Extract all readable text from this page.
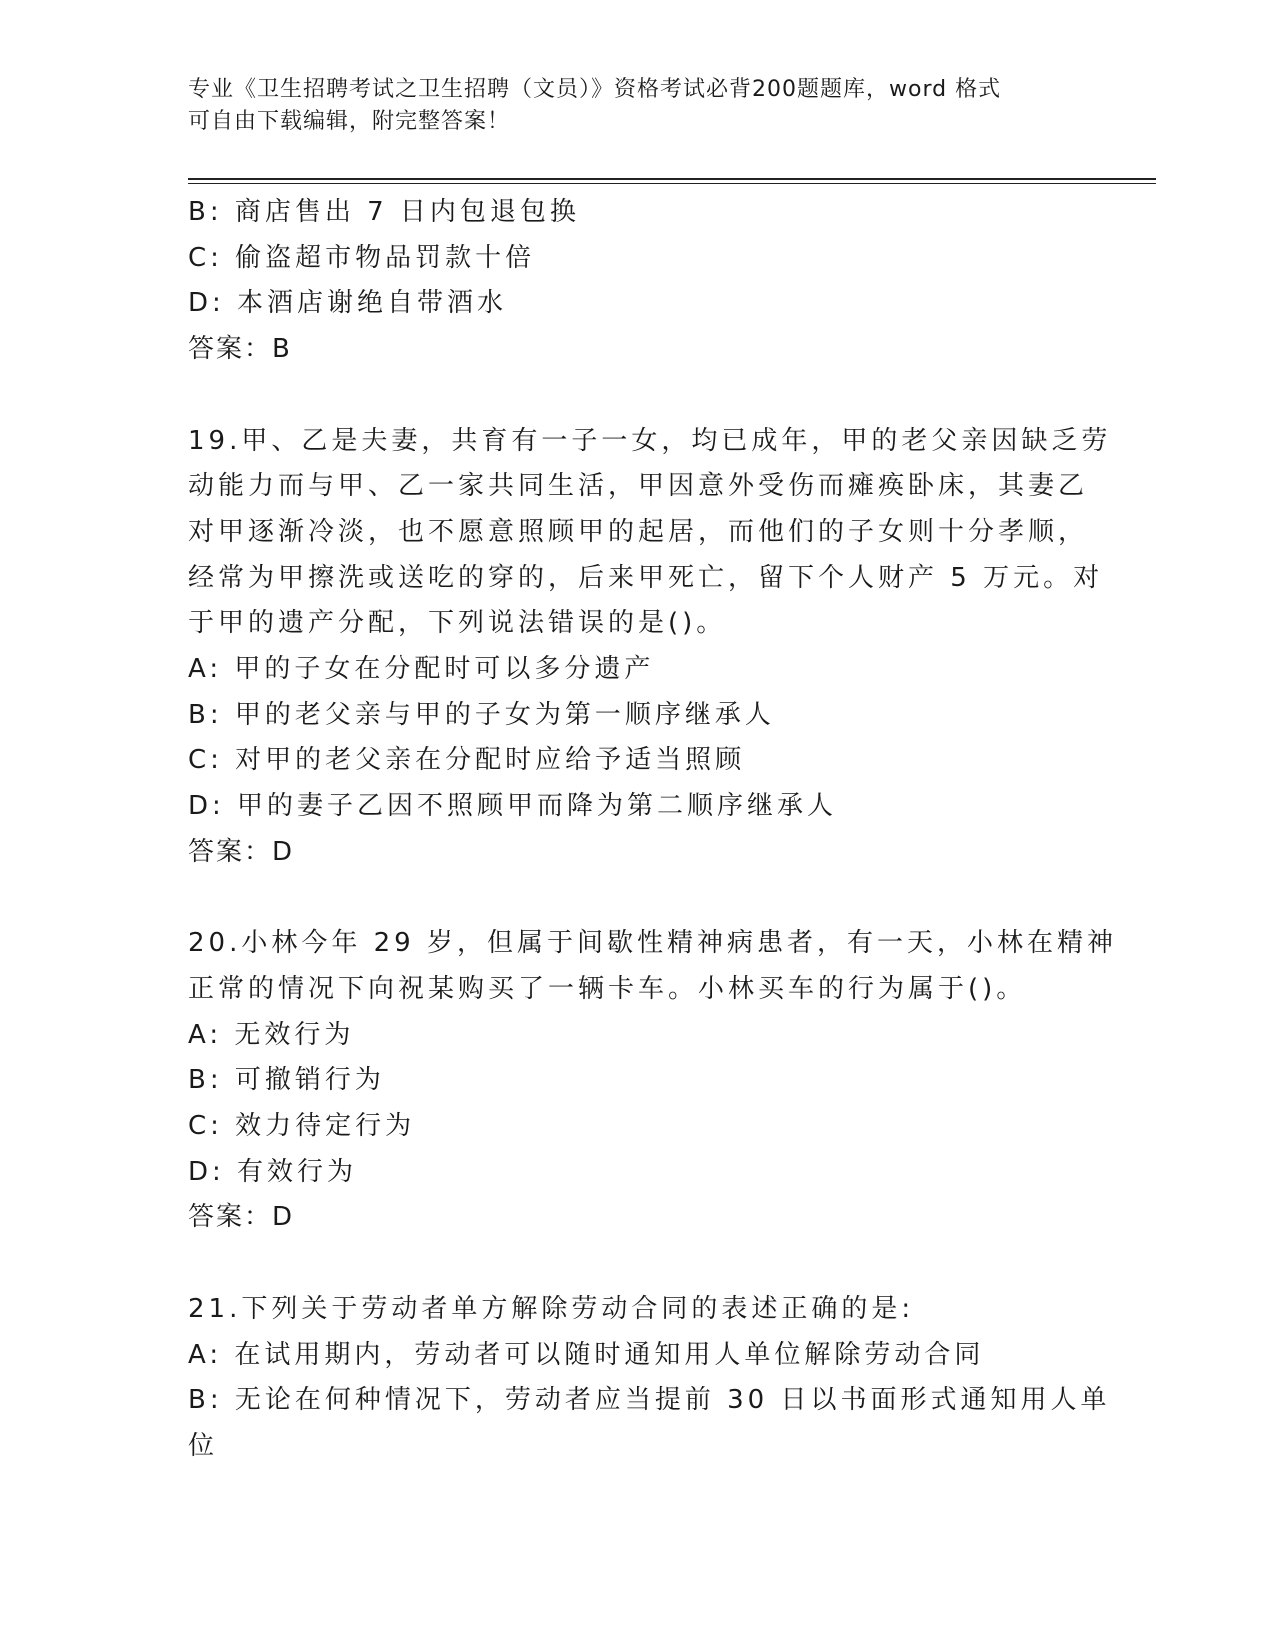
专业《卫生招聘考试之卫生招聘（文员）》资格考试必背200题题库，word 格式
可自由下载编辑，附完整答案！
B: 商店售出 7 日内包退包换
C: 偷盗超市物品罚款十倍
D: 本酒店谢绝自带酒水
答案：B
19.甲、乙是夫妻，共育有一子一女，均已成年，甲的老父亲因缺乏劳
动能力而与甲、乙一家共同生活，甲因意外受伤而瘫痪卧床，其妻乙
对甲逐渐冷淡，也不愿意照顾甲的起居，而他们的子女则十分孝顺，
经常为甲擦洗或送吃的穿的，后来甲死亡，留下个人财产 5 万元。对
于甲的遗产分配，下列说法错误的是()。
A: 甲的子女在分配时可以多分遗产
B: 甲的老父亲与甲的子女为第一顺序继承人
C: 对甲的老父亲在分配时应给予适当照顾
D: 甲的妻子乙因不照顾甲而降为第二顺序继承人
答案：D
20.小林今年 29 岁，但属于间歇性精神病患者，有一天，小林在精神
正常的情况下向祝某购买了一辆卡车。小林买车的行为属于()。
A: 无效行为
B: 可撤销行为
C: 效力待定行为
D: 有效行为
答案：D
21.下列关于劳动者单方解除劳动合同的表述正确的是:
A: 在试用期内，劳动者可以随时通知用人单位解除劳动合同
B: 无论在何种情况下，劳动者应当提前 30 日以书面形式通知用人单
位
